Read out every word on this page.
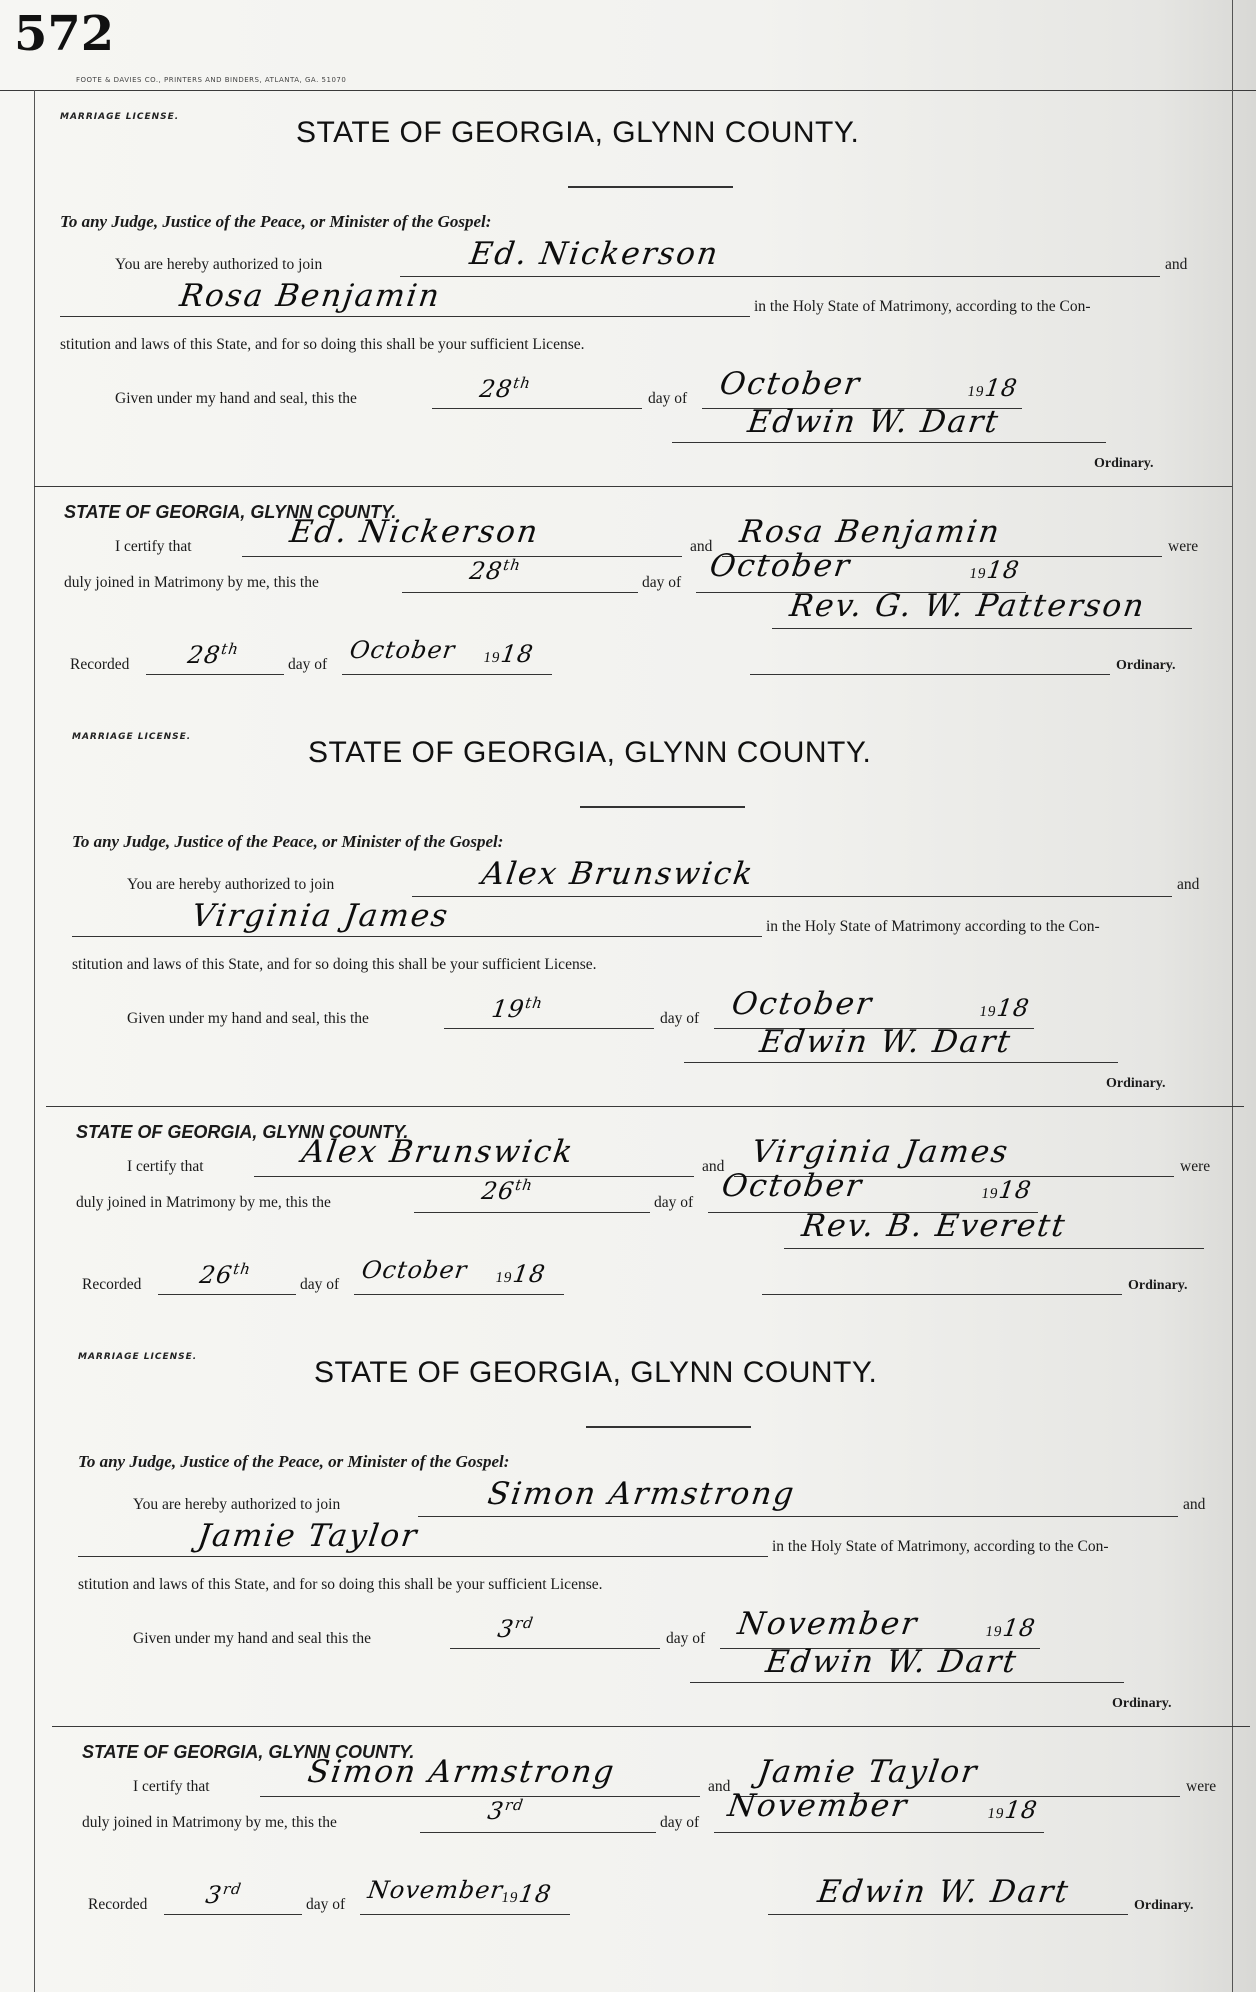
572
FOOTE & DAVIES CO., PRINTERS AND BINDERS, ATLANTA, GA. 51070
MARRIAGE LICENSE.	STATE OF GEORGIA, GLYNN COUNTY.
To any Judge, Justice of the Peace, or Minister of the Gospel:
You are hereby authorized to join	Ed. Nickerson	and
Rosa Benjamin	in the Holy State of Matrimony, according to the Con-
stitution and laws of this State, and for so doing this shall be your sufficient License.
Given under my hand and seal, this the	28th
day of October	1918
Edwin W. Dart
Ordinary.
STATE OF GEORGIA, GLYNN COUNTY.
I certify that	Ed. Nickerson	and Rosa Benjamin	were
duly joined in Matrimony by me, this the	28th
day of October	1918
Rev. G. W. Patterson
Recorded 28th
day of
October 1918	Ordinary.
MARRIAGE LICENSE.	STATE OF GEORGIA, GLYNN COUNTY.
To any Judge, Justice of the Peace, or Minister of the Gospel:
You are hereby authorized to join	Alex Brunswick	and
Virginia James	in the Holy State of Matrimony according to the Con-
stitution and laws of this State, and for so doing this shall be your sufficient License.
Given under my hand and seal, this the	19th
day of October	1918
Edwin W. Dart
Ordinary.
STATE OF GEORGIA, GLYNN COUNTY.
I certify that	Alex Brunswick	and Virginia James	were
duly joined in Matrimony by me, this the	26th
day of October	1918
Rev. B. Everett
Recorded 26th
day of
October 1918	Ordinary.
MARRIAGE LICENSE.	STATE OF GEORGIA, GLYNN COUNTY.
To any Judge, Justice of the Peace, or Minister of the Gospel:
You are hereby authorized to join	Simon Armstrong	and
Jamie Taylor	in the Holy State of Matrimony, according to the Con-
stitution and laws of this State, and for so doing this shall be your sufficient License.
Given under my hand and seal this the	3rd
day of November	1918
Edwin W. Dart
Ordinary.
STATE OF GEORGIA, GLYNN COUNTY.
I certify that	Simon Armstrong	and Jamie Taylor	were
duly joined in Matrimony by me, this the	3rd
day of November	1918
Recorded 3rd
day of
November
1918	Edwin W. Dart	Ordinary.
